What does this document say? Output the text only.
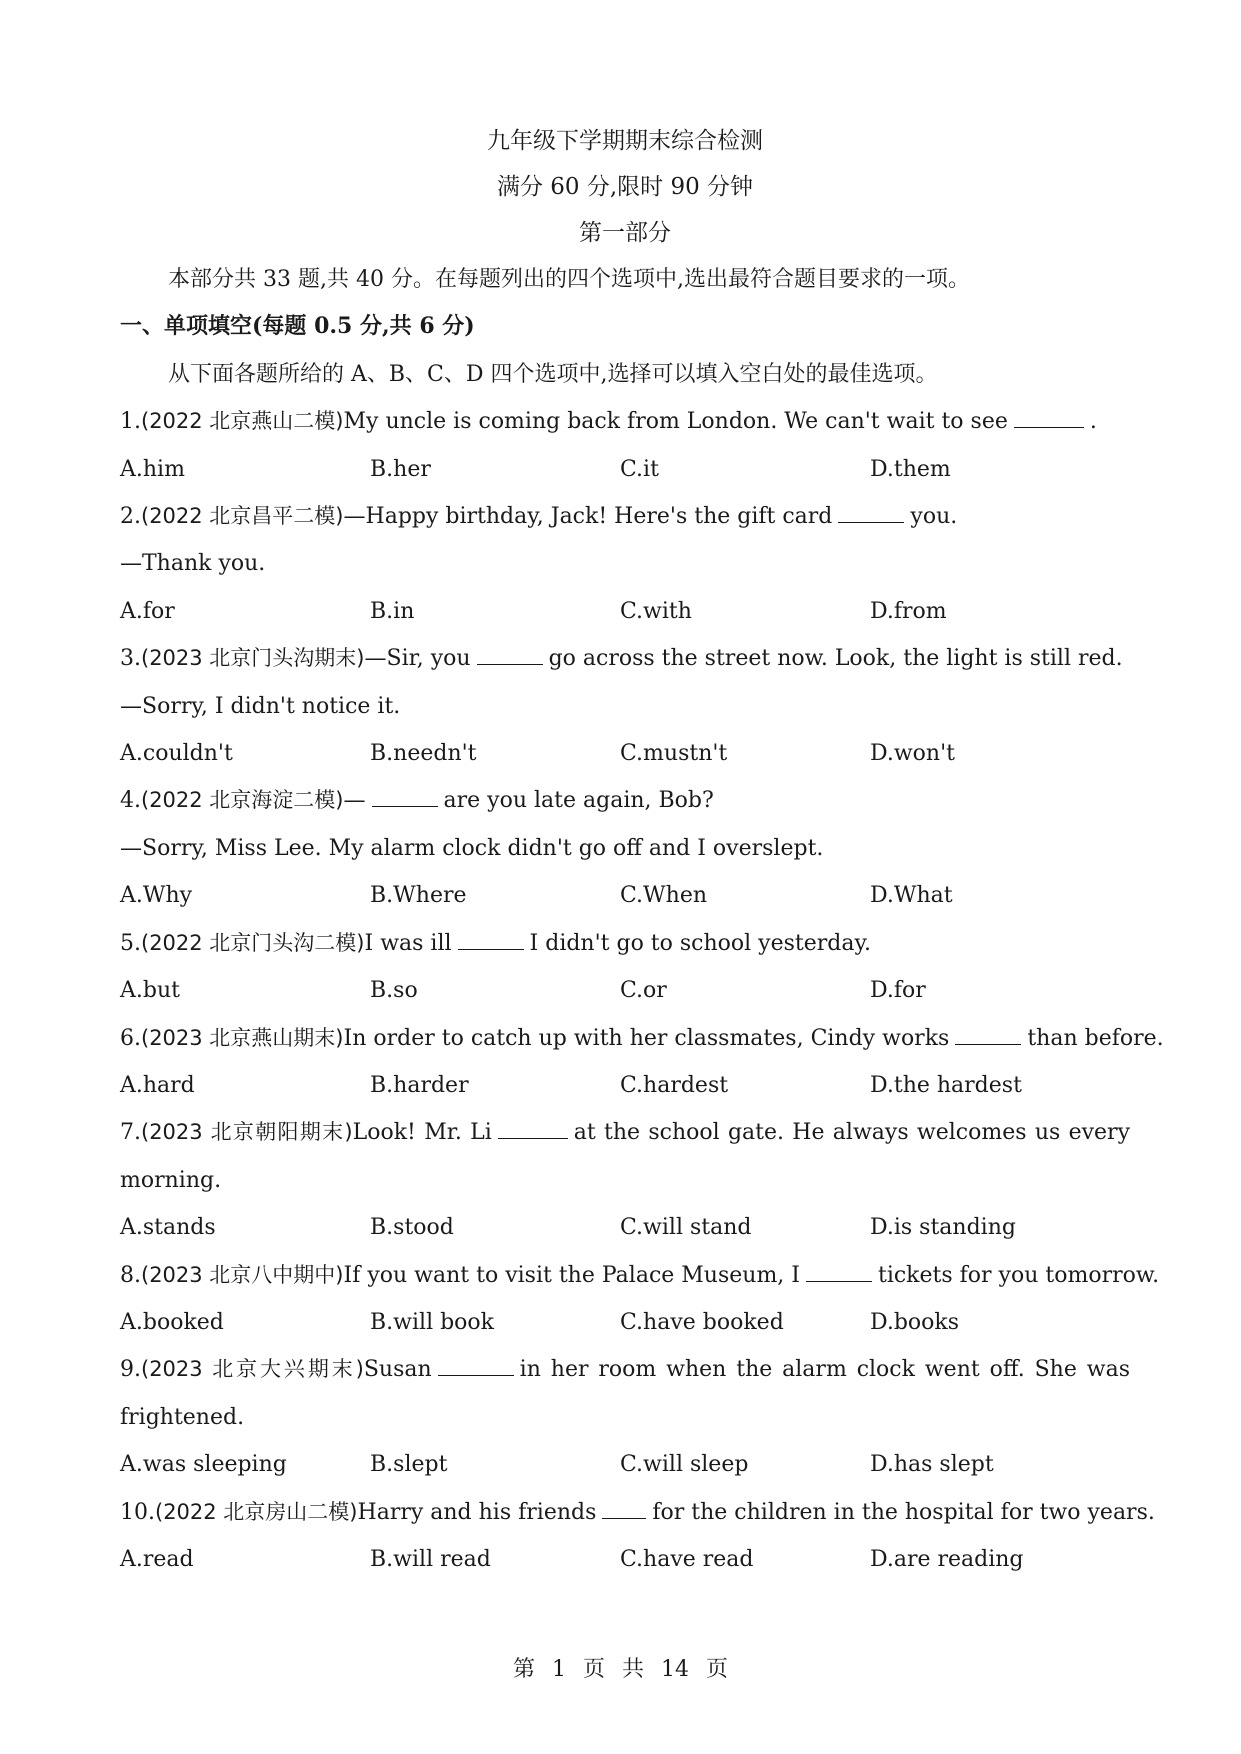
九年级下学期期末综合检测
满分 60 分,限时 90 分钟
第一部分
本部分共 33 题,共 40 分。在每题列出的四个选项中,选出最符合题目要求的一项。
一、单项填空(每题 0.5 分,共 6 分)
从下面各题所给的 A、B、C、D 四个选项中,选择可以填入空白处的最佳选项。
1.(2022 北京燕山二模)My uncle is coming back from London. We can't wait to see	.
A.him	B.her	C.it	D.them
2.(2022 北京昌平二模)—Happy birthday, Jack! Here's the gift card	you.
—Thank you.
A.for	B.in	C.with	D.from
3.(2023 北京门头沟期末)—Sir, you	go across the street now. Look, the light is still red.
—Sorry, I didn't notice it.
A.couldn't	B.needn't	C.mustn't	D.won't
4.(2022 北京海淀二模)—	are you late again, Bob?
—Sorry, Miss Lee. My alarm clock didn't go off and I overslept.
A.Why	B.Where	C.When	D.What
5.(2022 北京门头沟二模)I was ill	I didn't go to school yesterday.
A.but	B.so	C.or	D.for
6.(2023 北京燕山期末)In order to catch up with her classmates, Cindy works	than before.
A.hard	B.harder	C.hardest	D.the hardest
7.(2023 北京朝阳期末)Look! Mr. Li	at the school gate. He always welcomes us every
morning.
A.stands	B.stood	C.will stand	D.is standing
8.(2023 北京八中期中)If you want to visit the Palace Museum, I	tickets for you tomorrow.
A.booked	B.will book	C.have booked	D.books
9.(2023 北京大兴期末)Susan	in her room when the alarm clock went off. She was
frightened.
A.was sleeping	B.slept	C.will sleep	D.has slept
10.(2022 北京房山二模)Harry and his friends	for the children in the hospital for two years.
A.read	B.will read	C.have read	D.are reading
第 1 页 共 14 页
